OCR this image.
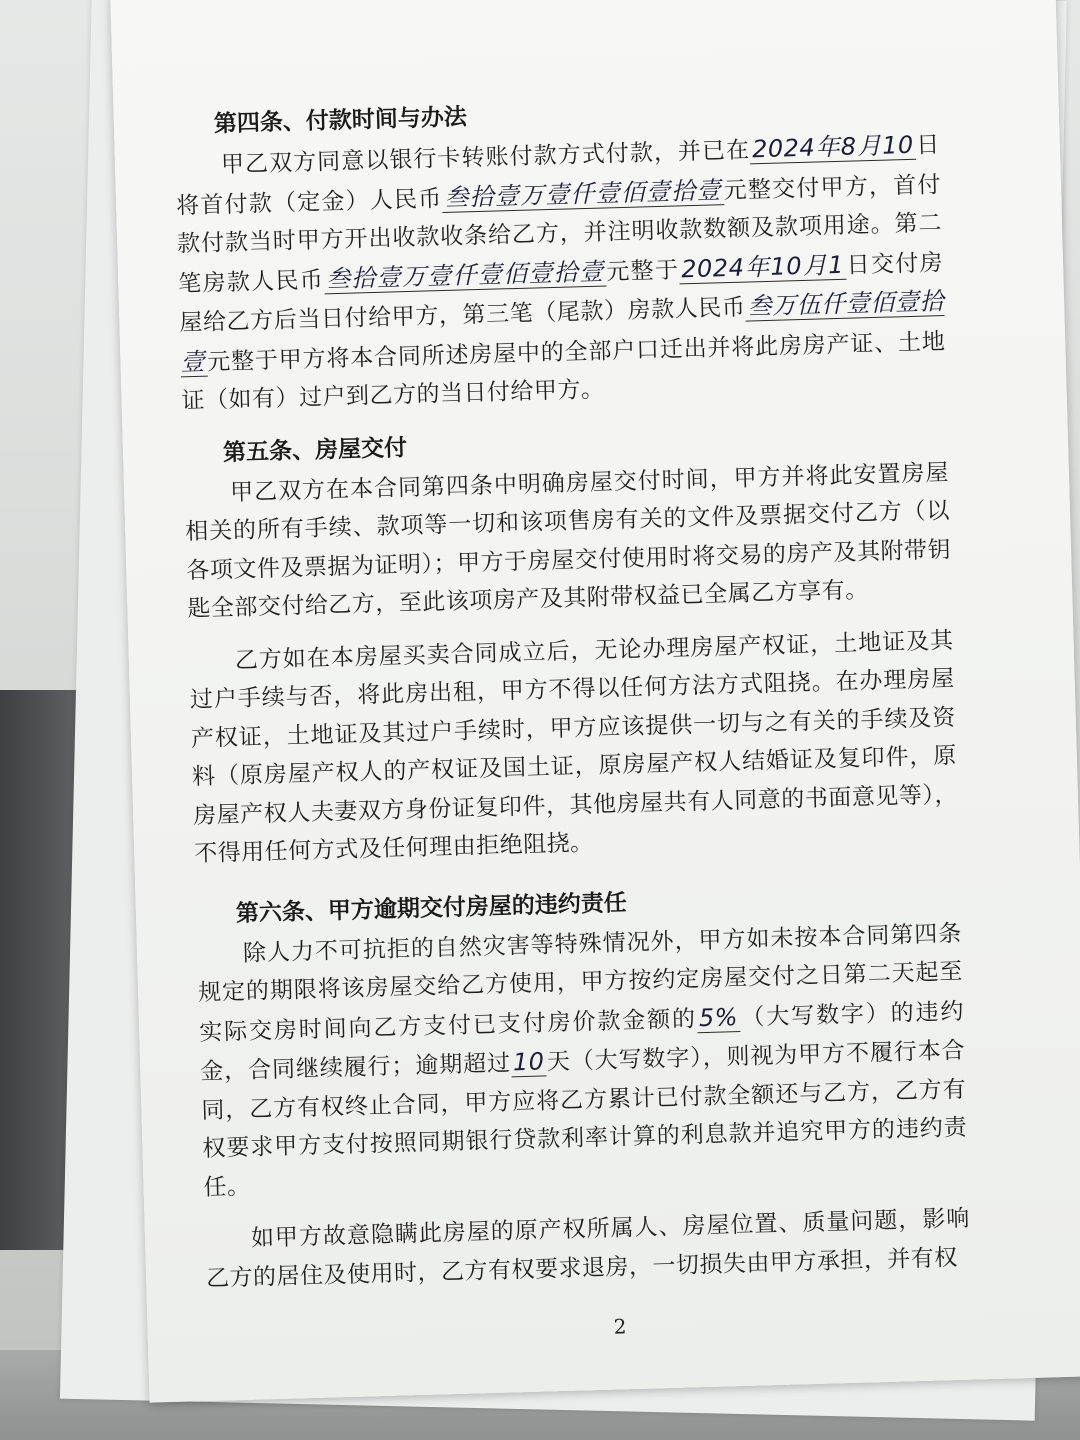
第四条、付款时间与办法

甲乙双方同意以银行卡转账付款方式付款，并已在2024年8月10日将首付款（定金）人民币叁拾壹万壹仟壹佰壹拾壹元整交付甲方，首付款付款当时甲方开出收款收条给乙方，并注明收款数额及款项用途。第二笔房款人民币叁拾壹万壹仟壹佰壹拾壹元整于2024年10月1日交付房屋给乙方后当日付给甲方，第三笔（尾款）房款人民币叁万伍仟壹佰壹拾壹元整于甲方将本合同所述房屋中的全部户口迁出并将此房房产证、土地证（如有）过户到乙方的当日付给甲方。

第五条、房屋交付

甲乙双方在本合同第四条中明确房屋交付时间，甲方并将此安置房屋相关的所有手续、款项等一切和该项售房有关的文件及票据交付乙方（以各项文件及票据为证明）；甲方于房屋交付使用时将交易的房产及其附带钥匙全部交付给乙方，至此该项房产及其附带权益已全属乙方享有。

乙方如在本房屋买卖合同成立后，无论办理房屋产权证，土地证及其过户手续与否，将此房出租，甲方不得以任何方法方式阻挠。在办理房屋产权证，土地证及其过户手续时，甲方应该提供一切与之有关的手续及资料（原房屋产权人的产权证及国土证，原房屋产权人结婚证及复印件，原房屋产权人夫妻双方身份证复印件，其他房屋共有人同意的书面意见等），不得用任何方式及任何理由拒绝阻挠。

第六条、甲方逾期交付房屋的违约责任

除人力不可抗拒的自然灾害等特殊情况外，甲方如未按本合同第四条规定的期限将该房屋交给乙方使用，甲方按约定房屋交付之日第二天起至实际交房时间向乙方支付已支付房价款金额的5%（大写数字）的违约金，合同继续履行；逾期超过10天（大写数字），则视为甲方不履行本合同，乙方有权终止合同，甲方应将乙方累计已付款全额还与乙方，乙方有权要求甲方支付按照同期银行贷款利率计算的利息款并追究甲方的违约责任。

如甲方故意隐瞒此房屋的原产权所属人、房屋位置、质量问题，影响乙方的居住及使用时，乙方有权要求退房，一切损失由甲方承担，并有权

2
